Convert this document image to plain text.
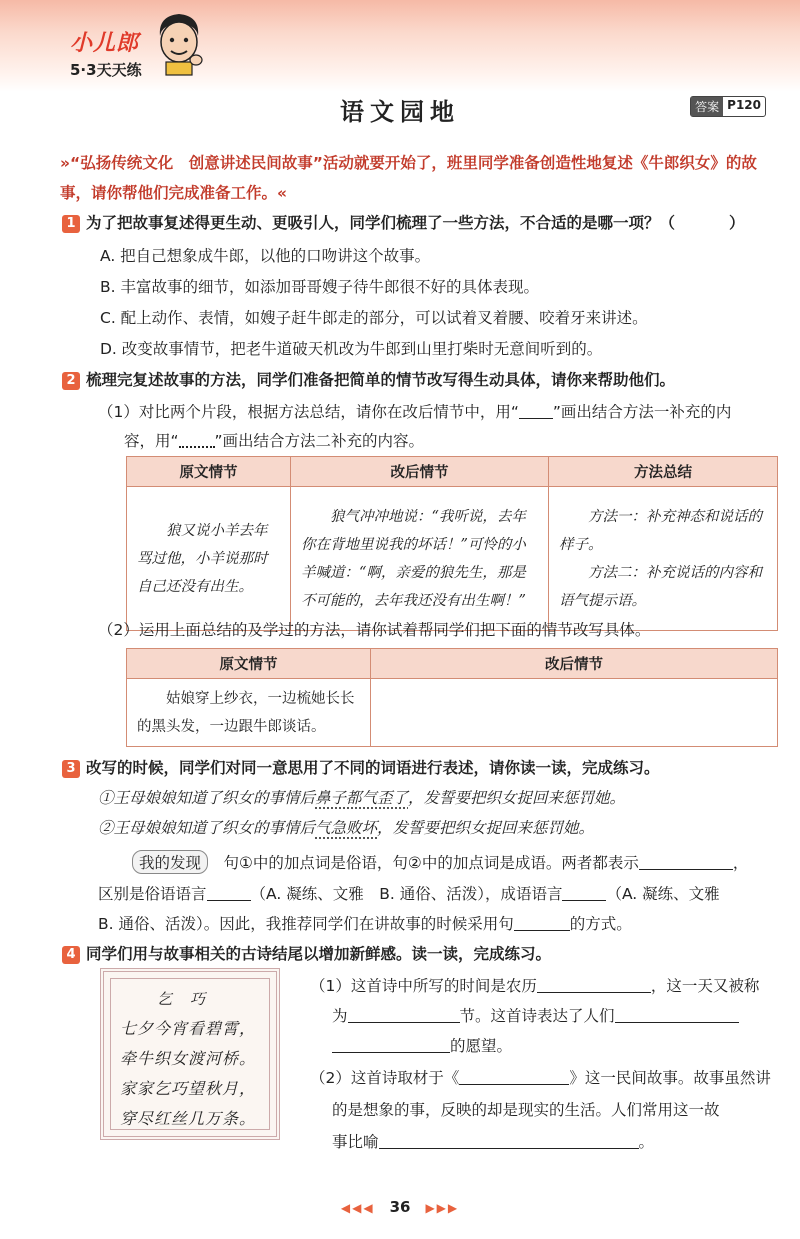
小儿郎
5·3天天练
语文园地	答案 P120
»“弘扬传统文化　创意讲述民间故事”活动就要开始了，班里同学准备创造性地复述《牛郎织女》的故事，请你帮他们完成准备工作。«
1 为了把故事复述得更生动、更吸引人，同学们梳理了一些方法，不合适的是哪一项？（	）
A. 把自己想象成牛郎，以他的口吻讲这个故事。
B. 丰富故事的细节，如添加哥哥嫂子待牛郎很不好的具体表现。
C. 配上动作、表情，如嫂子赶牛郎走的部分，可以试着叉着腰、咬着牙来讲述。
D. 改变故事情节，把老牛道破天机改为牛郎到山里打柴时无意间听到的。
2 梳理完复述故事的方法，同学们准备把简单的情节改写得生动具体，请你来帮助他们。
（1）对比两个片段，根据方法总结，请你在改后情节中，用“ ”画出结合方法一补充的内
容，用“ ”画出结合方法二补充的内容。
原文情节	改后情节	方法总结
狼又说小羊去年骂过他，小羊说那时自己还没有出生。	狼气冲冲地说：“我听说，去年你在背地里说我的坏话！”可怜的小羊喊道：“啊，亲爱的狼先生，那是不可能的，去年我还没有出生啊！”	方法一：补充神态和说话的样子。
方法二：补充说话的内容和语气提示语。
（2）运用上面总结的及学过的方法，请你试着帮同学们把下面的情节改写具体。
原文情节	改后情节
姑娘穿上纱衣，一边梳她长长的黑头发，一边跟牛郎谈话。	
3 改写的时候，同学们对同一意思用了不同的词语进行表述，请你读一读，完成练习。
①王母娘娘知道了织女的事情后鼻子都气歪了，发誓要把织女捉回来惩罚她。
②王母娘娘知道了织女的事情后气急败坏，发誓要把织女捉回来惩罚她。
我的发现　 句①中的加点词是俗语，句②中的加点词是成语。两者都表示	，
区别是俗语语言	（A. 凝练、文雅　B. 通俗、活泼），成语语言	（A. 凝练、文雅
B. 通俗、活泼）。因此，我推荐同学们在讲故事的时候采用句	的方式。
4 同学们用与故事相关的古诗结尾以增加新鲜感。读一读，完成练习。
乞巧
七夕今宵看碧霄，
牵牛织女渡河桥。
家家乞巧望秋月，
穿尽红丝几万条。
（1）这首诗中所写的时间是农历	，这一天又被称
为	节。这首诗表达了人们
的愿望。
（2）这首诗取材于《	》这一民间故事。故事虽然讲
的是想象的事，反映的却是现实的生活。人们常用这一故
事比喻	。
◀◀◀　 36　 ▶▶▶
